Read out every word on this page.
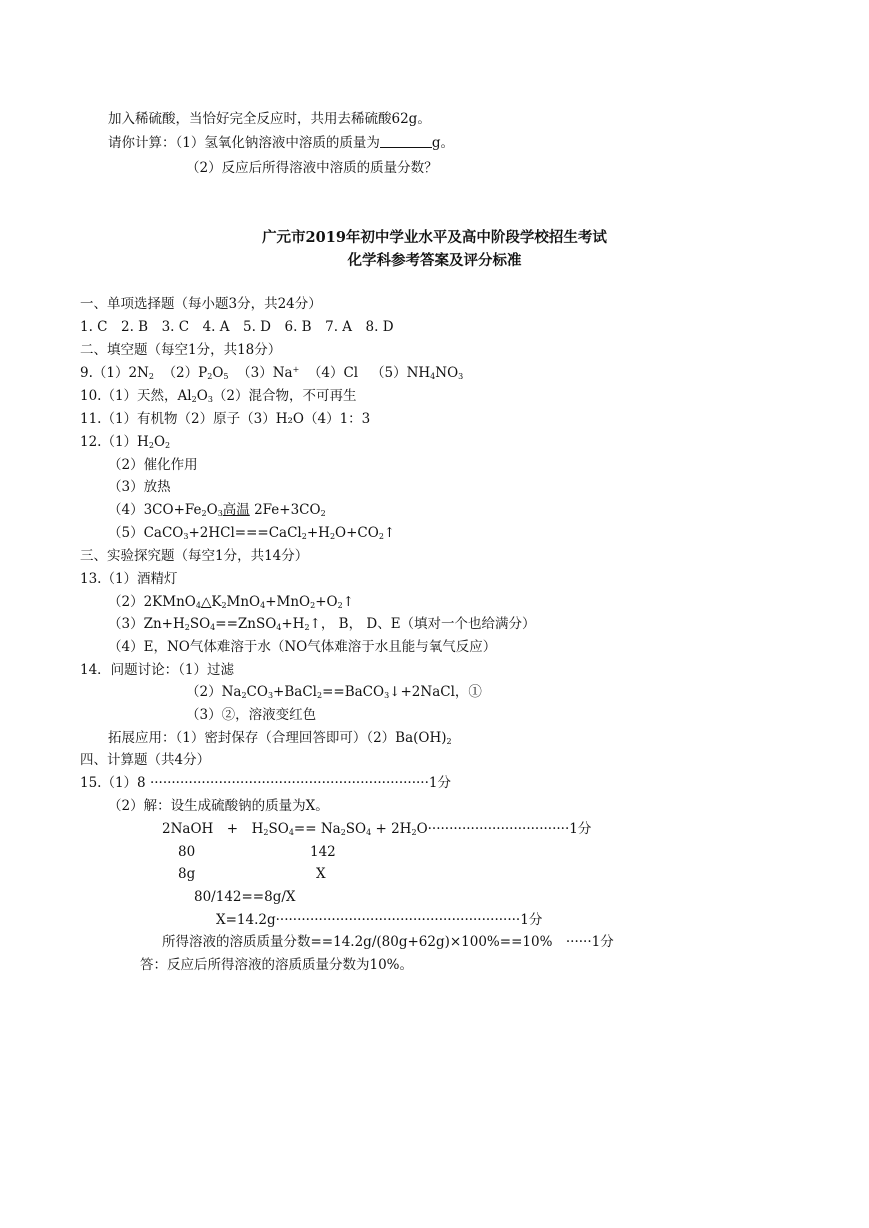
加入稀硫酸，当恰好完全反应时，共用去稀硫酸62g。
请你计算：（1）氢氧化钠溶液中溶质的质量为	g。
（2）反应后所得溶液中溶质的质量分数？
广元市2019年初中学业水平及高中阶段学校招生考试
化学科参考答案及评分标准
一、单项选择题（每小题3分，共24分）
1. C　2. B　3. C　4. A　5. D　6. B　7. A　8. D
二、填空题（每空1分，共18分）
$9.(1)2N_2$ $(2)P_2O_5$ （3）Na+ （4）Cl $(5)NH_4NO_3$
10.（1）天然，$Al_2O_3(2)$混合物，不可再生
11.（1）有机物（2）原子（3）H₂O（4）1：3
$12.(1)H_2O_2$
（2）催化作用
（3）放热
$(4)3CO+Fe_2O_3$高温 $2Fe+3CO_2$
$(5)CaCO_3+2HCl===CaCl_2+H_2O+CO_2↑$
三、实验探究题（每空1分，共14分）
13.（1）酒精灯
$(2)2KMnO_4\triangle K_2MnO_4+MnO_2+O_2↑$
$(3)Zn+H_2SO_4==ZnSO_4+H_2↑$， B， D、E（填对一个也给满分）
（4）E，NO气体难溶于水（NO气体难溶于水且能与氧气反应）
14．问题讨论：（1）过滤
$(2)Na_2CO_3+BaCl_2==BaCO_3↓+2NaCl$，①
（3）②，溶液变红色
拓展应用：（1）密封保存（合理回答即可）$(2)Ba(OH)_2$
四、计算题（共4分）
15.（1）8 ·································································1分
（2）解：设生成硫酸钠的质量为X。
2NaOH　+　$H_2SO_4== Na_2SO_4 + 2H_2O\cdot\cdot\cdot\cdot\cdot\cdot\cdot\cdot\cdot\cdot\cdot\cdot\cdot\cdot\cdot\cdot\cdot\cdot\cdot\cdot\cdot\cdot\cdot\cdot\cdot\cdot\cdot\cdot\cdot\cdot\cdot\cdot\cdot 1$分
80	142
8g	X
80/142==8g/X
X=14.2g·························································1分
所得溶液的溶质质量分数==14.2g/(80g+62g)×100%==10%　······1分
答：反应后所得溶液的溶质质量分数为10%。
